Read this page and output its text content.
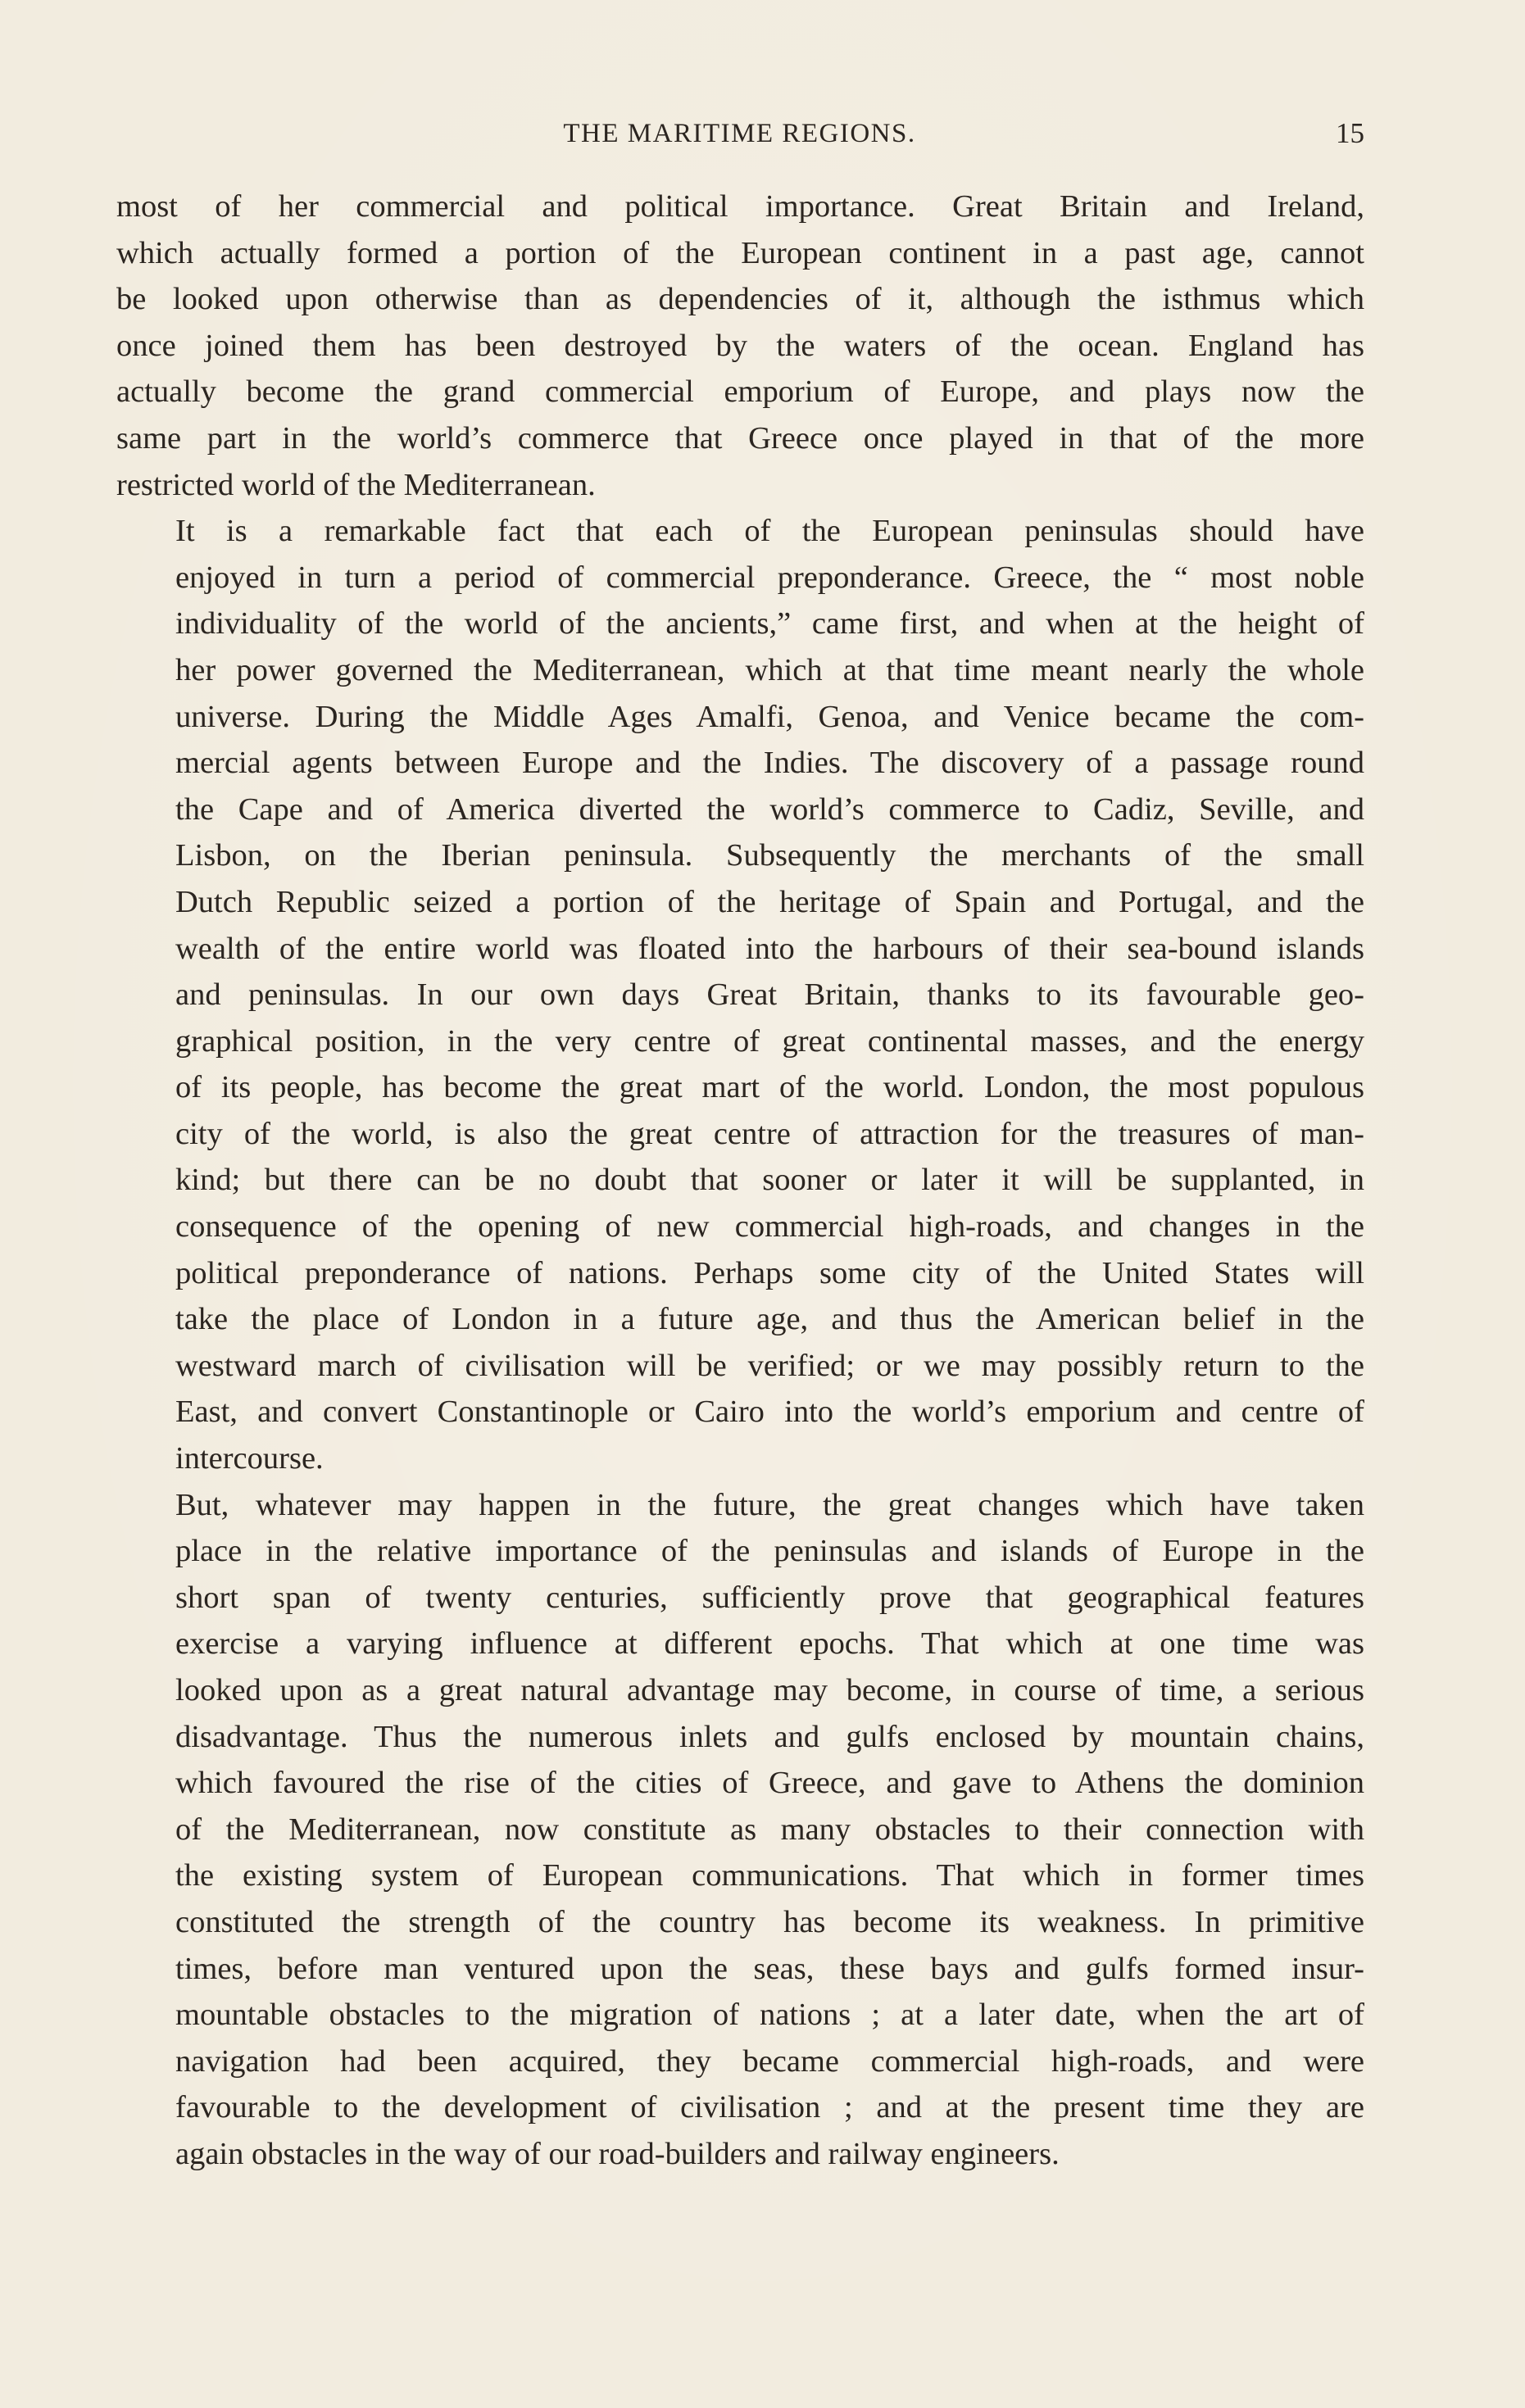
THE MARITIME REGIONS.	15

most of her commercial and political importance. Great Britain and Ireland,
which actually formed a portion of the European continent in a past age, cannot
be looked upon otherwise than as dependencies of it, although the isthmus which
once joined them has been destroyed by the waters of the ocean. England has
actually become the grand commercial emporium of Europe, and plays now the
same part in the world’s commerce that Greece once played in that of the more
restricted world of the Mediterranean.

It is a remarkable fact that each of the European peninsulas should have
enjoyed in turn a period of commercial preponderance. Greece, the “ most noble
individuality of the world of the ancients,” came first, and when at the height of
her power governed the Mediterranean, which at that time meant nearly the whole
universe. During the Middle Ages Amalfi, Genoa, and Venice became the com-
mercial agents between Europe and the Indies. The discovery of a passage round
the Cape and of America diverted the world’s commerce to Cadiz, Seville, and
Lisbon, on the Iberian peninsula. Subsequently the merchants of the small
Dutch Republic seized a portion of the heritage of Spain and Portugal, and the
wealth of the entire world was floated into the harbours of their sea-bound islands
and peninsulas. In our own days Great Britain, thanks to its favourable geo-
graphical position, in the very centre of great continental masses, and the energy
of its people, has become the great mart of the world. London, the most populous
city of the world, is also the great centre of attraction for the treasures of man-
kind; but there can be no doubt that sooner or later it will be supplanted, in
consequence of the opening of new commercial high-roads, and changes in the
political preponderance of nations. Perhaps some city of the United States will
take the place of London in a future age, and thus the American belief in the
westward march of civilisation will be verified; or we may possibly return to the
East, and convert Constantinople or Cairo into the world’s emporium and centre of
intercourse.

But, whatever may happen in the future, the great changes which have taken
place in the relative importance of the peninsulas and islands of Europe in the
short span of twenty centuries, sufficiently prove that geographical features
exercise a varying influence at different epochs. That which at one time was
looked upon as a great natural advantage may become, in course of time, a serious
disadvantage. Thus the numerous inlets and gulfs enclosed by mountain chains,
which favoured the rise of the cities of Greece, and gave to Athens the dominion
of the Mediterranean, now constitute as many obstacles to their connection with
the existing system of European communications. That which in former times
constituted the strength of the country has become its weakness. In primitive
times, before man ventured upon the seas, these bays and gulfs formed insur-
mountable obstacles to the migration of nations ; at a later date, when the art of
navigation had been acquired, they became commercial high-roads, and were
favourable to the development of civilisation ; and at the present time they are
again obstacles in the way of our road-builders and railway engineers.
